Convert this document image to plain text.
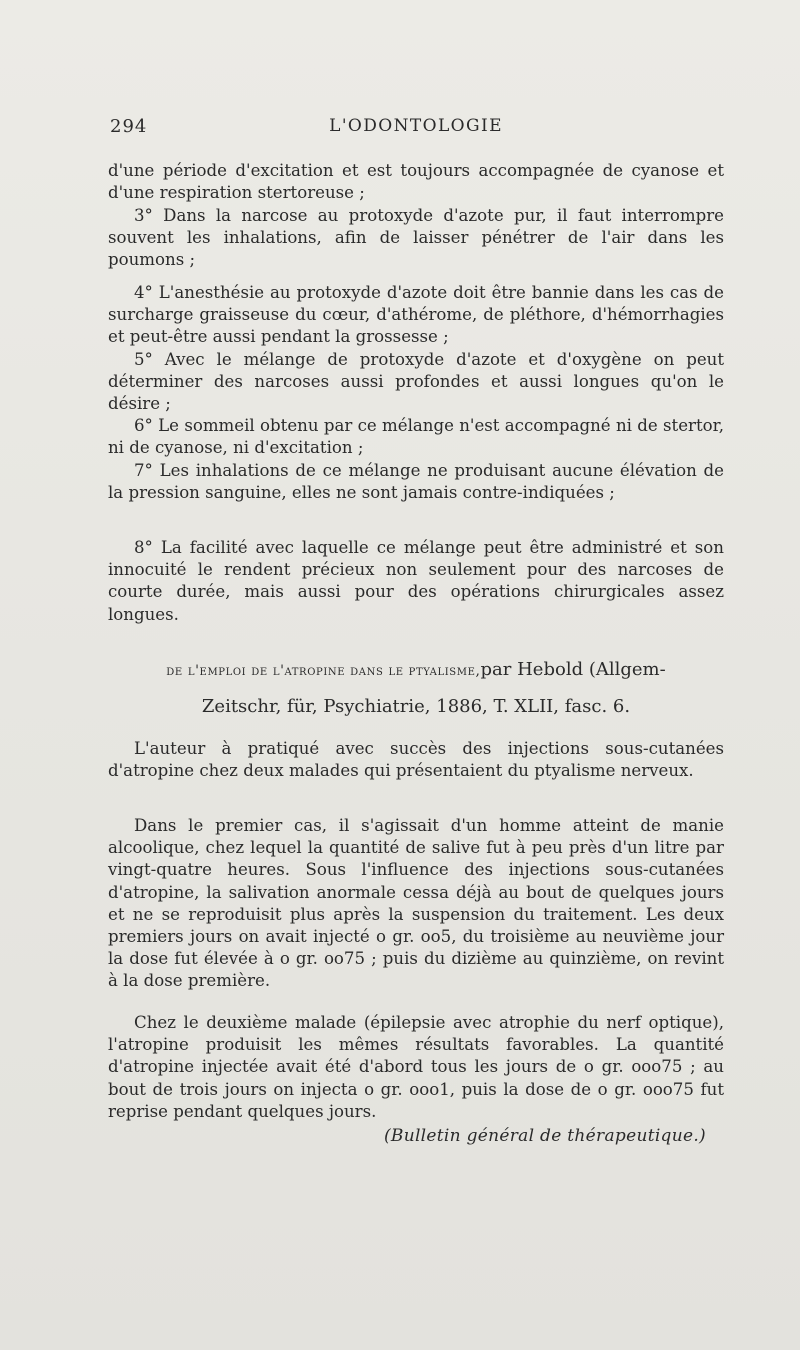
294	L'ODONTOLOGIE

d'une période d'excitation et est toujours accompagnée de cyanose et d'une respiration stertoreuse ;

3° Dans la narcose au protoxyde d'azote pur, il faut interrompre souvent les inhalations, afin de laisser pénétrer de l'air dans les poumons ;

4° L'anesthésie au protoxyde d'azote doit être bannie dans les cas de surcharge graisseuse du cœur, d'athérome, de pléthore, d'hémorrhagies et peut-être aussi pendant la grossesse ;

5° Avec le mélange de protoxyde d'azote et d'oxygène on peut déterminer des narcoses aussi profondes et aussi longues qu'on le désire ;

6° Le sommeil obtenu par ce mélange n'est accompagné ni de stertor, ni de cyanose, ni d'excitation ;

7° Les inhalations de ce mélange ne produisant aucune élévation de la pression sanguine, elles ne sont jamais contre-indiquées ;

8° La facilité avec laquelle ce mélange peut être administré et son innocuité le rendent précieux non seulement pour des narcoses de courte durée, mais aussi pour des opérations chirurgicales assez longues.

de l'emploi de l'atropine dans le ptyalisme,par Hebold (Allgem-
Zeitschr, für, Psychiatrie, 1886, T. XLII, fasc. 6.

L'auteur à pratiqué avec succès des injections sous-cutanées d'atropine chez deux malades qui présentaient du ptyalisme nerveux.

Dans le premier cas, il s'agissait d'un homme atteint de manie alcoolique, chez lequel la quantité de salive fut à peu près d'un litre par vingt-quatre heures. Sous l'influence des injections sous-cutanées d'atropine, la salivation anormale cessa déjà au bout de quelques jours et ne se reproduisit plus après la suspension du traitement. Les deux premiers jours on avait injecté o gr. oo5, du troisième au neuvième jour la dose fut élevée à o gr. oo75 ; puis du dizième au quinzième, on revint à la dose première.

Chez le deuxième malade (épilepsie avec atrophie du nerf optique), l'atropine produisit les mêmes résultats favorables. La quantité d'atropine injectée avait été d'abord tous les jours de o gr. ooo75 ; au bout de trois jours on injecta o gr. ooo1, puis la dose de o gr. ooo75 fut reprise pendant quelques jours.

(Bulletin général de thérapeutique.)
